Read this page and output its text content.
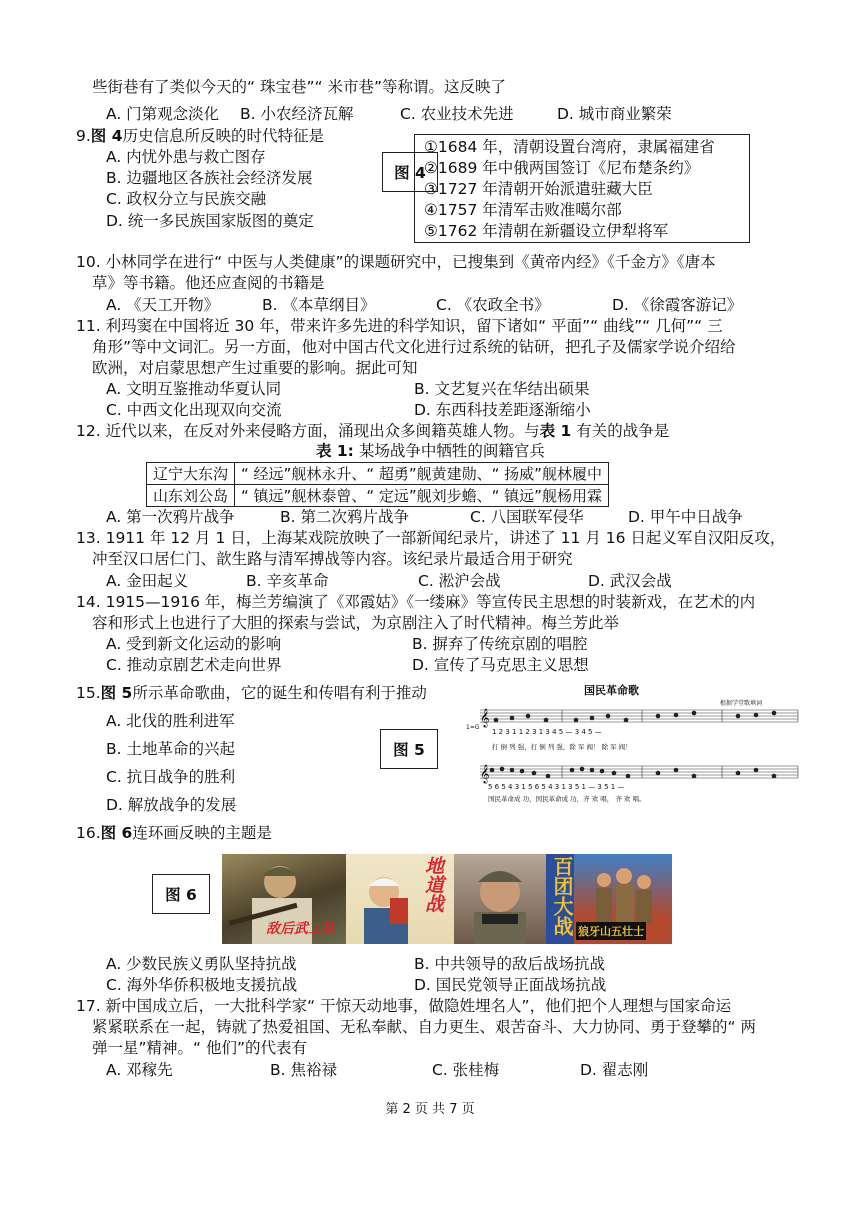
些街巷有了类似今天的“ 珠宝巷”“ 米市巷”等称谓。这反映了
A. 门第观念淡化 B. 小农经济瓦解	C. 农业技术先进	D. 城市商业繁荣
9.图 4历史信息所反映的时代特征是
A. 内忧外患与救亡图存
B. 边疆地区各族社会经济发展
C. 政权分立与民族交融
D. 统一多民族国家版图的奠定
图 4
①1684 年，清朝设置台湾府，隶属福建省
②1689 年中俄两国签订《尼布楚条约》
③1727 年清朝开始派遣驻藏大臣
④1757 年清军击败准噶尔部
⑤1762 年清朝在新疆设立伊犁将军
10. 小林同学在进行“ 中医与人类健康”的课题研究中，已搜集到《黄帝内经》《千金方》《唐本
草》等书籍。他还应查阅的书籍是
A. 《天工开物》	B. 《本草纲目》	C. 《农政全书》	D. 《徐霞客游记》
11. 利玛窦在中国将近 30 年，带来许多先进的科学知识，留下诸如“ 平面”“ 曲线”“ 几何”“ 三
角形”等中文词汇。另一方面，他对中国古代文化进行过系统的钻研，把孔子及儒家学说介绍给
欧洲，对启蒙思想产生过重要的影响。据此可知
A. 文明互鉴推动华夏认同	B. 文艺复兴在华结出硕果
C. 中西文化出现双向交流	D. 东西科技差距逐渐缩小
12. 近代以来，在反对外来侵略方面，涌现出众多闽籍英雄人物。与表 1 有关的战争是
表 1: 某场战争中牺牲的闽籍官兵
辽宁大东沟	“ 经远”舰林永升、“ 超勇”舰黄建勋、“ 扬威”舰林履中
山东刘公岛	“ 镇远”舰林泰曾、“ 定远”舰刘步蟾、“ 镇远”舰杨用霖
A. 第一次鸦片战争	B. 第二次鸦片战争	C. 八国联军侵华	D. 甲午中日战争
13. 1911 年 12 月 1 日，上海某戏院放映了一部新闻纪录片，讲述了 11 月 16 日起义军自汉阳反攻，
冲至汉口居仁门、歆生路与清军搏战等内容。该纪录片最适合用于研究
A. 金田起义	B. 辛亥革命	C. 淞沪会战	D. 武汉会战
14. 1915—1916 年，梅兰芳编演了《邓霞姑》《一缕麻》等宣传民主思想的时装新戏，在艺术的内
容和形式上也进行了大胆的探索与尝试，为京剧注入了时代精神。梅兰芳此举
A. 受到新文化运动的影响	B. 摒弃了传统京剧的唱腔
C. 推动京剧艺术走向世界	D. 宣传了马克思主义思想
15.图 5所示革命歌曲，它的诞生和传唱有利于推动
A. 北伐的胜利进军
B. 土地革命的兴起
C. 抗日战争的胜利
D. 解放战争的发展
图 5
国民革命歌
根据学堂歌填词
1=G
𝄞
𝄞
1 2 3 1 1 2 3 1 3 4 5 — 3 4 5 —
打 倒 列 强，打 倒 列 强，除 军 阀！ 除 军 阀！
5 6 5 4 3 1 5 6 5 4 3 1 3 5 1 — 3 5 1 —
国民革命成 功，国民革命成 功，齐 欢 唱， 齐 欢 唱。
16.图 6连环画反映的主题是
图 6
敌后武工队
地道战	百团大战 狼牙山五壮士
A. 少数民族义勇队坚持抗战	B. 中共领导的敌后战场抗战
C. 海外华侨积极地支援抗战	D. 国民党领导正面战场抗战
17. 新中国成立后，一大批科学家“ 干惊天动地事，做隐姓埋名人”，他们把个人理想与国家命运
紧紧联系在一起，铸就了热爱祖国、无私奉献、自力更生、艰苦奋斗、大力协同、勇于登攀的“ 两
弹一星”精神。“ 他们”的代表有
A. 邓稼先	B. 焦裕禄	C. 张桂梅	D. 翟志刚
第 2 页 共 7 页
